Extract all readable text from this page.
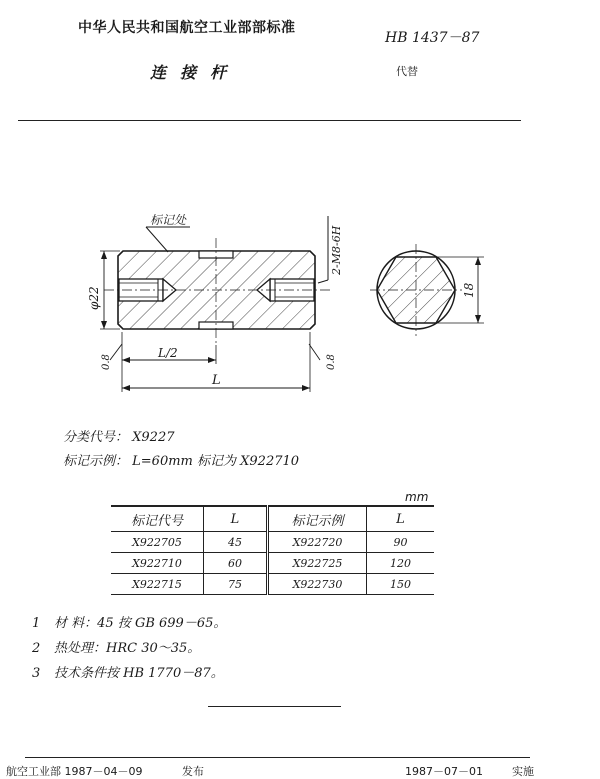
中华人民共和国航空工业部部标准
HB 1437－87
连接杆	代替
标记处
2-M8-6H
φ22
0.8	0.8
L/2
L
18
分类代号： X9227
标记示例： L=60mm 标记为 X922710
mm
标记代号	L	标记示例	L
X922705	45	X922720	90
X922710	60	X922725	120
X922715	75	X922730	150
1 材 料：45 按 GB 699－65。
2 热处理：HRC 30～35。
3 技术条件按 HB 1770－87。
航空工业部 1987－04－09	发布	1987－07－01	实施
